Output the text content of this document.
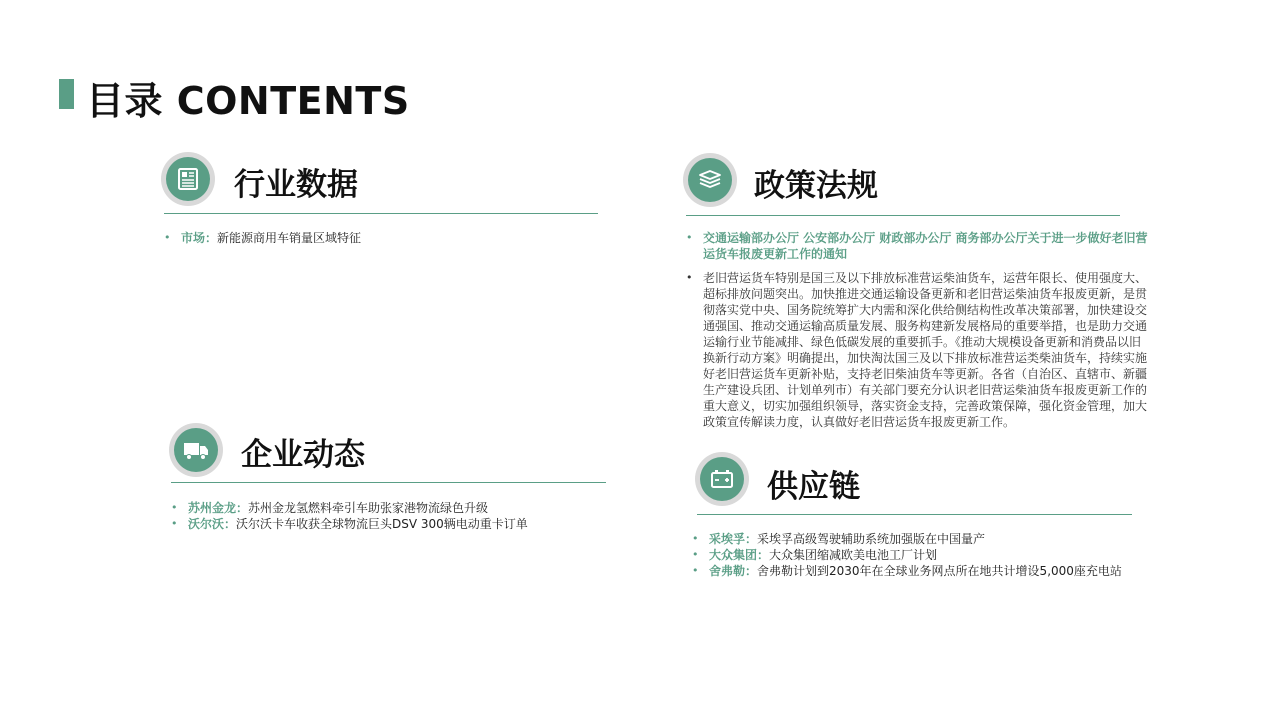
目录 CONTENTS
行业数据
• 市场：新能源商用车销量区域特征
政策法规
• 交通运输部办公厅 公安部办公厅 财政部办公厅 商务部办公厅关于进一步做好老旧营运货车报废更新工作的通知
• 老旧营运货车特别是国三及以下排放标准营运柴油货车，运营年限长、使用强度大、超标排放问题突出。加快推进交通运输设备更新和老旧营运柴油货车报废更新，是贯彻落实党中央、国务院统筹扩大内需和深化供给侧结构性改革决策部署，加快建设交通强国、推动交通运输高质量发展、服务构建新发展格局的重要举措，也是助力交通运输行业节能减排、绿色低碳发展的重要抓手。《推动大规模设备更新和消费品以旧换新行动方案》明确提出，加快淘汰国三及以下排放标准营运类柴油货车，持续实施好老旧营运货车更新补贴，支持老旧柴油货车等更新。各省（自治区、直辖市、新疆生产建设兵团、计划单列市）有关部门要充分认识老旧营运柴油货车报废更新工作的重大意义，切实加强组织领导，落实资金支持，完善政策保障，强化资金管理，加大政策宣传解读力度，认真做好老旧营运货车报废更新工作。
企业动态
• 苏州金龙：苏州金龙氢燃料牵引车助张家港物流绿色升级
• 沃尔沃：沃尔沃卡车收获全球物流巨头DSV 300辆电动重卡订单
供应链
• 采埃孚：采埃孚高级驾驶辅助系统加强版在中国量产
• 大众集团：大众集团缩减欧美电池工厂计划
• 舍弗勒：舍弗勒计划到2030年在全球业务网点所在地共计增设5,000座充电站
